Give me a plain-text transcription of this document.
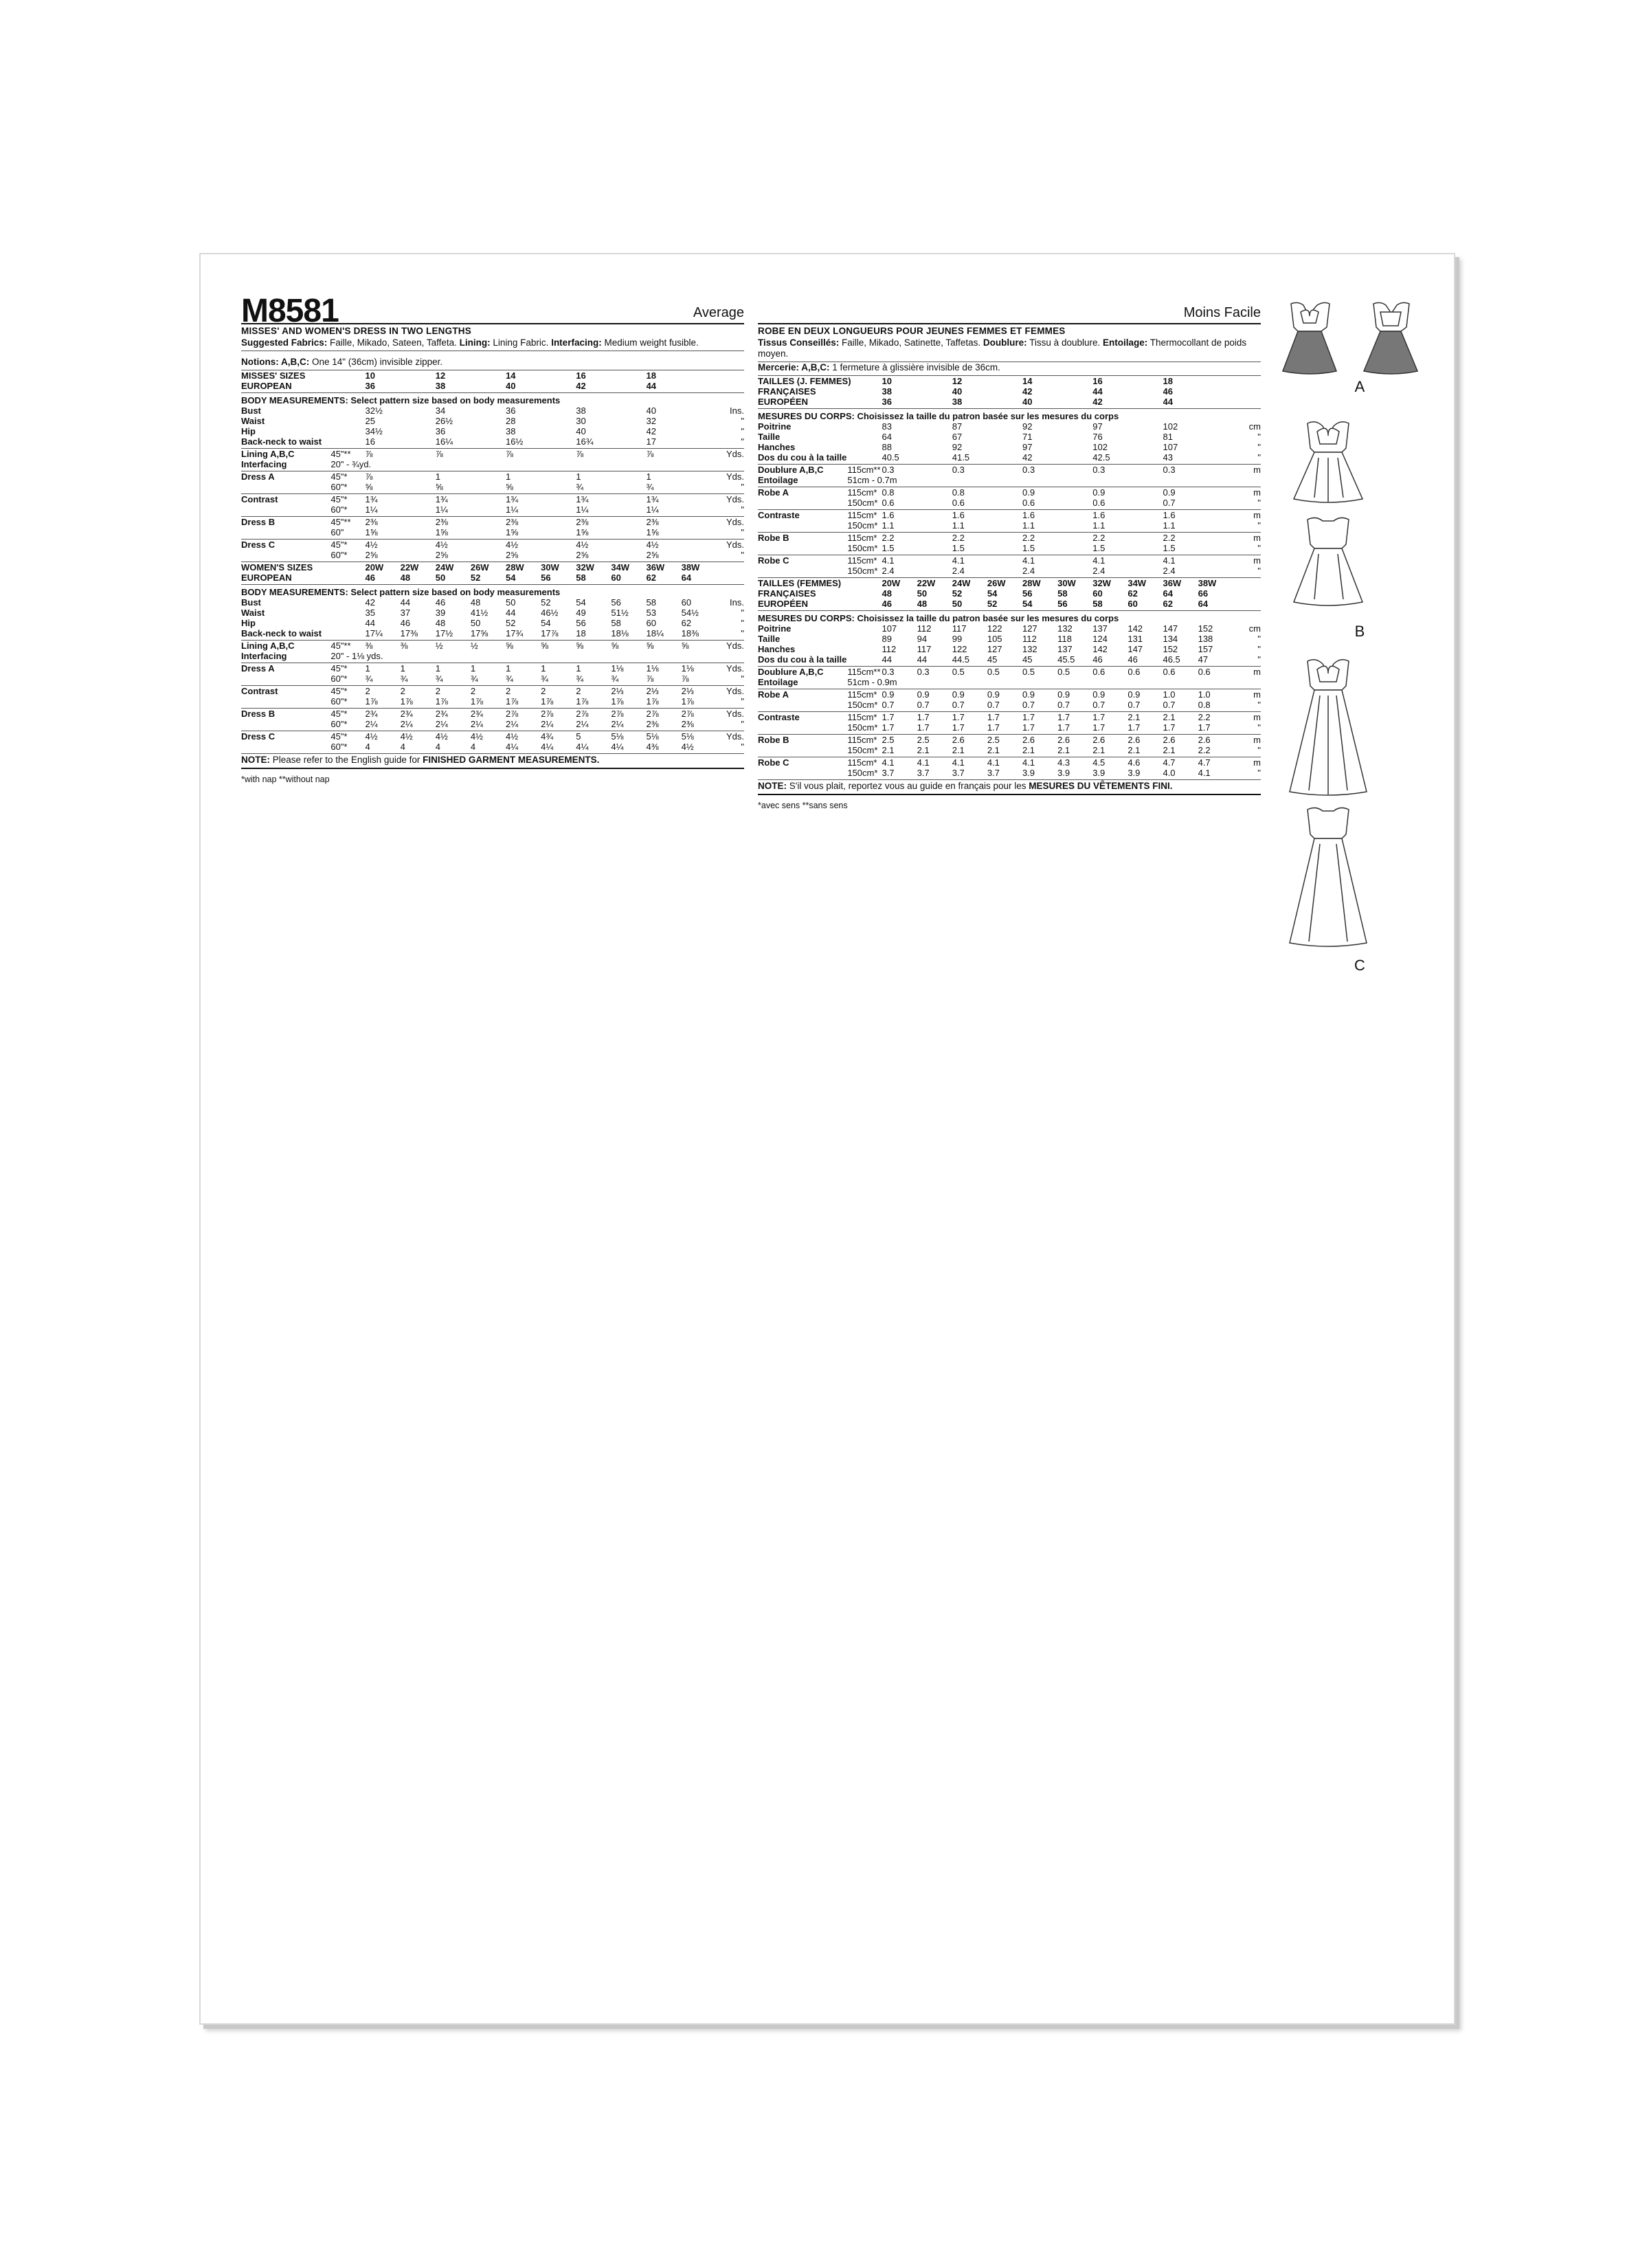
M8581	Average
MISSES' AND WOMEN'S DRESS IN TWO LENGTHS
Suggested Fabrics: Faille, Mikado, Sateen, Taffeta. Lining: Lining Fabric. Interfacing: Medium weight fusible.
Notions: A,B,C: One 14" (36cm) invisible zipper.
MISSES' SIZES	10	12	14	16	18	
EUROPEAN	36	38	40	42	44	
BODY MEASUREMENTS: Select pattern size based on body measurements
Bust	32½	34	36	38	40	Ins.
Waist	25	26½	28	30	32	"
Hip	34½	36	38	40	42	"
Back-neck to waist	16	16¼	16½	16¾	17	"
Lining A,B,C	45"**	⅞	⅞	⅞	⅞	⅞	Yds.
Interfacing	20" - ¾yd.						
Dress A	45"*	⅞	1	1	1	1	Yds.
	60"*	⅝	⅝	⅝	¾	¾	"
Contrast	45"*	1¾	1¾	1¾	1¾	1¾	Yds.
	60"*	1¼	1¼	1¼	1¼	1¼	"
Dress B	45"**	2⅜	2⅜	2⅜	2⅜	2⅜	Yds.
	60"	1⅝	1⅝	1⅝	1⅝	1⅝	"
Dress C	45"*	4½	4½	4½	4½	4½	Yds.
	60"*	2⅝	2⅝	2⅝	2⅝	2⅝	"
WOMEN'S SIZES	20W	22W	24W	26W	28W	30W	32W	34W	36W	38W	
EUROPEAN	46	48	50	52	54	56	58	60	62	64	
BODY MEASUREMENTS: Select pattern size based on body measurements
Bust	42	44	46	48	50	52	54	56	58	60	Ins.
Waist	35	37	39	41½	44	46½	49	51½	53	54½	"
Hip	44	46	48	50	52	54	56	58	60	62	"
Back-neck to waist	17¼	17⅜	17½	17⅝	17¾	17⅞	18	18⅛	18¼	18⅜	"
Lining A,B,C	45"**	⅜	⅜	½	½	⅝	⅝	⅝	⅝	⅝	⅝	Yds.
Interfacing	20" - 1⅛ yds.											
Dress A	45"*	1	1	1	1	1	1	1	1⅛	1⅛	1⅛	Yds.
	60"*	¾	¾	¾	¾	¾	¾	¾	¾	⅞	⅞	"
Contrast	45"*	2	2	2	2	2	2	2	2⅓	2⅓	2⅓	Yds.
	60"*	1⅞	1⅞	1⅞	1⅞	1⅞	1⅞	1⅞	1⅞	1⅞	1⅞	"
Dress B	45"*	2¾	2¾	2¾	2¾	2⅞	2⅞	2⅞	2⅞	2⅞	2⅞	Yds.
	60"*	2¼	2¼	2¼	2¼	2¼	2¼	2¼	2¼	2⅜	2⅜	"
Dress C	45"*	4½	4½	4½	4½	4½	4¾	5	5⅛	5⅛	5⅛	Yds.
	60"*	4	4	4	4	4¼	4¼	4¼	4¼	4⅜	4½	"
NOTE: Please refer to the English guide for FINISHED GARMENT MEASUREMENTS.
*with nap **without nap
Moins Facile
ROBE EN DEUX LONGUEURS POUR JEUNES FEMMES ET FEMMES
Tissus Conseillés: Faille, Mikado, Satinette, Taffetas. Doublure: Tissu à doublure. Entoilage: Thermocollant de poids moyen.
Mercerie: A,B,C: 1 fermeture à glissière invisible de 36cm.
TAILLES (J. FEMMES)	10	12	14	16	18	
FRANÇAISES	38	40	42	44	46	
EUROPÉEN	36	38	40	42	44	
MESURES DU CORPS: Choisissez la taille du patron basée sur les mesures du corps
Poitrine	83	87	92	97	102	cm
Taille	64	67	71	76	81	"
Hanches	88	92	97	102	107	"
Dos du cou à la taille	40.5	41.5	42	42.5	43	"
Doublure A,B,C	115cm**	0.3	0.3	0.3	0.3	0.3	m
Entoilage	51cm - 0.7m						
Robe A	115cm*	0.8	0.8	0.9	0.9	0.9	m
	150cm*	0.6	0.6	0.6	0.6	0.7	"
Contraste	115cm*	1.6	1.6	1.6	1.6	1.6	m
	150cm*	1.1	1.1	1.1	1.1	1.1	"
Robe B	115cm*	2.2	2.2	2.2	2.2	2.2	m
	150cm*	1.5	1.5	1.5	1.5	1.5	"
Robe C	115cm*	4.1	4.1	4.1	4.1	4.1	m
	150cm*	2.4	2.4	2.4	2.4	2.4	"
TAILLES (FEMMES)	20W	22W	24W	26W	28W	30W	32W	34W	36W	38W	
FRANÇAISES	48	50	52	54	56	58	60	62	64	66	
EUROPÉEN	46	48	50	52	54	56	58	60	62	64	
MESURES DU CORPS: Choisissez la taille du patron basée sur les mesures du corps
Poitrine	107	112	117	122	127	132	137	142	147	152	cm
Taille	89	94	99	105	112	118	124	131	134	138	"
Hanches	112	117	122	127	132	137	142	147	152	157	"
Dos du cou à la taille	44	44	44.5	45	45	45.5	46	46	46.5	47	"
Doublure A,B,C	115cm**	0.3	0.3	0.5	0.5	0.5	0.5	0.6	0.6	0.6	0.6	m
Entoilage	51cm - 0.9m											
Robe A	115cm*	0.9	0.9	0.9	0.9	0.9	0.9	0.9	0.9	1.0	1.0	m
	150cm*	0.7	0.7	0.7	0.7	0.7	0.7	0.7	0.7	0.7	0.8	"
Contraste	115cm*	1.7	1.7	1.7	1.7	1.7	1.7	1.7	2.1	2.1	2.2	m
	150cm*	1.7	1.7	1.7	1.7	1.7	1.7	1.7	1.7	1.7	1.7	"
Robe B	115cm*	2.5	2.5	2.6	2.5	2.6	2.6	2.6	2.6	2.6	2.6	m
	150cm*	2.1	2.1	2.1	2.1	2.1	2.1	2.1	2.1	2.1	2.2	"
Robe C	115cm*	4.1	4.1	4.1	4.1	4.1	4.3	4.5	4.6	4.7	4.7	m
	150cm*	3.7	3.7	3.7	3.7	3.9	3.9	3.9	3.9	4.0	4.1	"
NOTE: S'il vous plait, reportez vous au guide en français pour les MESURES DU VÊTEMENTS FINI.
*avec sens **sans sens
A
B
C
